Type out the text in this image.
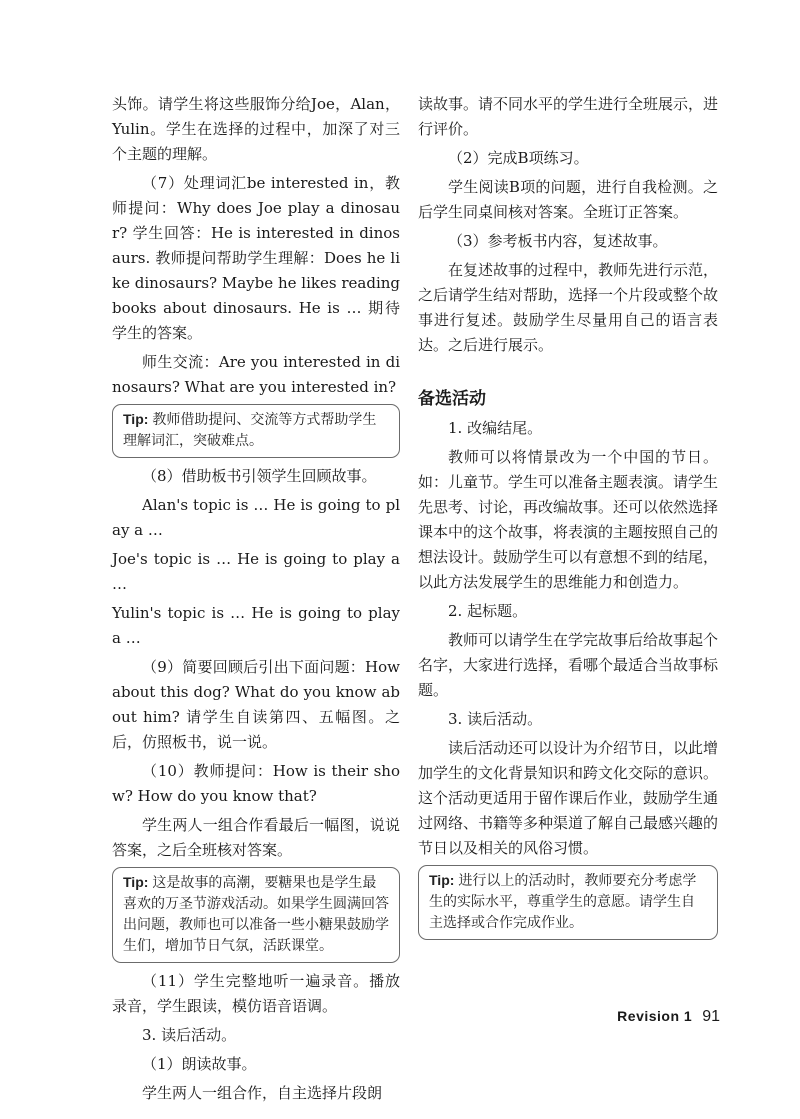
头饰。请学生将这些服饰分给Joe，Alan，Yulin。学生在选择的过程中，加深了对三个主题的理解。

（7）处理词汇be interested in，教师提问：Why does Joe play a dinosaur? 学生回答：He is interested in dinosaurs. 教师提问帮助学生理解：Does he like dinosaurs? Maybe he likes reading books about dinosaurs. He is … 期待学生的答案。

师生交流：Are you interested in dinosaurs? What are you interested in?

Tip: 教师借助提问、交流等方式帮助学生理解词汇，突破难点。

（8）借助板书引领学生回顾故事。

Alan's topic is … He is going to play a …

Joe's topic is … He is going to play a …

Yulin's topic is … He is going to play a …

（9）简要回顾后引出下面问题：How about this dog? What do you know about him? 请学生自读第四、五幅图。之后，仿照板书，说一说。

（10）教师提问：How is their show? How do you know that?

学生两人一组合作看最后一幅图，说说答案，之后全班核对答案。

Tip: 这是故事的高潮，要糖果也是学生最喜欢的万圣节游戏活动。如果学生圆满回答出问题，教师也可以准备一些小糖果鼓励学生们，增加节日气氛，活跃课堂。

（11）学生完整地听一遍录音。播放录音，学生跟读，模仿语音语调。

3. 读后活动。

（1）朗读故事。

学生两人一组合作，自主选择片段朗

读故事。请不同水平的学生进行全班展示，进行评价。

（2）完成B项练习。

学生阅读B项的问题，进行自我检测。之后学生同桌间核对答案。全班订正答案。

（3）参考板书内容，复述故事。

在复述故事的过程中，教师先进行示范，之后请学生结对帮助，选择一个片段或整个故事进行复述。鼓励学生尽量用自己的语言表达。之后进行展示。

备选活动

1. 改编结尾。

教师可以将情景改为一个中国的节日。如：儿童节。学生可以准备主题表演。请学生先思考、讨论，再改编故事。还可以依然选择课本中的这个故事，将表演的主题按照自己的想法设计。鼓励学生可以有意想不到的结尾，以此方法发展学生的思维能力和创造力。

2. 起标题。

教师可以请学生在学完故事后给故事起个名字，大家进行选择，看哪个最适合当故事标题。

3. 读后活动。

读后活动还可以设计为介绍节日，以此增加学生的文化背景知识和跨文化交际的意识。这个活动更适用于留作课后作业，鼓励学生通过网络、书籍等多种渠道了解自己最感兴趣的节日以及相关的风俗习惯。

Tip: 进行以上的活动时，教师要充分考虑学生的实际水平，尊重学生的意愿。请学生自主选择或合作完成作业。
Revision 1 91
